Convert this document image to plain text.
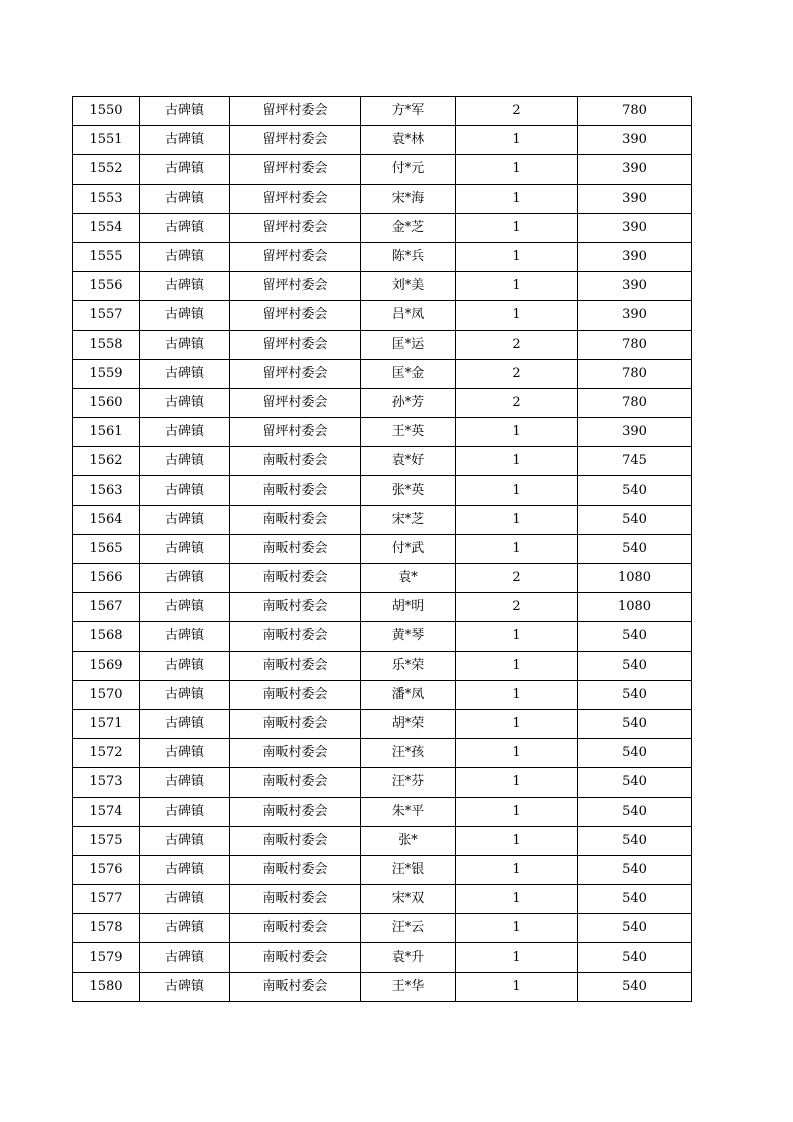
1550	古碑镇	留坪村委会	方*军	2	780
1551	古碑镇	留坪村委会	袁*林	1	390
1552	古碑镇	留坪村委会	付*元	1	390
1553	古碑镇	留坪村委会	宋*海	1	390
1554	古碑镇	留坪村委会	金*芝	1	390
1555	古碑镇	留坪村委会	陈*兵	1	390
1556	古碑镇	留坪村委会	刘*美	1	390
1557	古碑镇	留坪村委会	吕*凤	1	390
1558	古碑镇	留坪村委会	匡*运	2	780
1559	古碑镇	留坪村委会	匡*金	2	780
1560	古碑镇	留坪村委会	孙*芳	2	780
1561	古碑镇	留坪村委会	王*英	1	390
1562	古碑镇	南畈村委会	袁*好	1	745
1563	古碑镇	南畈村委会	张*英	1	540
1564	古碑镇	南畈村委会	宋*芝	1	540
1565	古碑镇	南畈村委会	付*武	1	540
1566	古碑镇	南畈村委会	袁*	2	1080
1567	古碑镇	南畈村委会	胡*明	2	1080
1568	古碑镇	南畈村委会	黄*琴	1	540
1569	古碑镇	南畈村委会	乐*荣	1	540
1570	古碑镇	南畈村委会	潘*凤	1	540
1571	古碑镇	南畈村委会	胡*荣	1	540
1572	古碑镇	南畈村委会	汪*孩	1	540
1573	古碑镇	南畈村委会	汪*芬	1	540
1574	古碑镇	南畈村委会	朱*平	1	540
1575	古碑镇	南畈村委会	张*	1	540
1576	古碑镇	南畈村委会	汪*银	1	540
1577	古碑镇	南畈村委会	宋*双	1	540
1578	古碑镇	南畈村委会	汪*云	1	540
1579	古碑镇	南畈村委会	袁*升	1	540
1580	古碑镇	南畈村委会	王*华	1	540
